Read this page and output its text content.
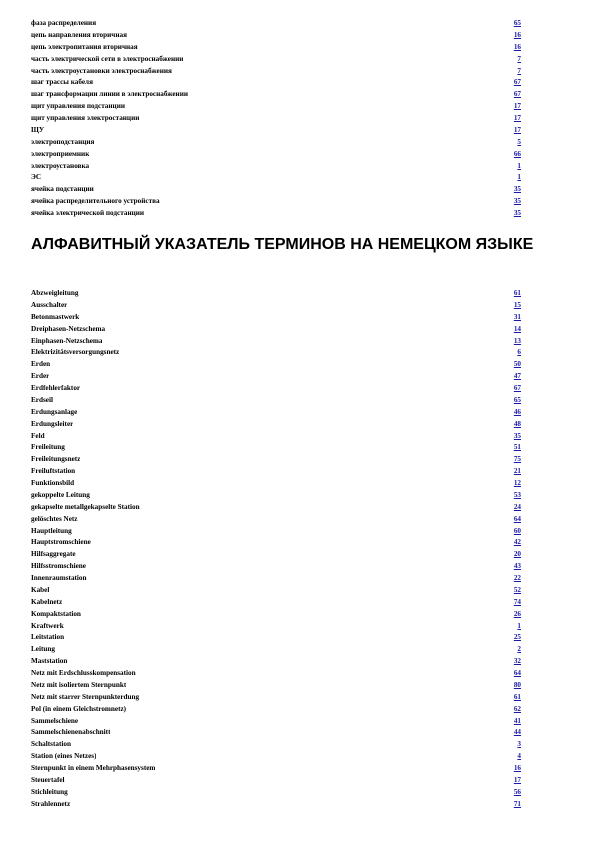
фаза распределения	65
цепь направления вторичная	16
цепь электропитания вторичная	16
часть электрической сети в электроснабжении	7
часть электроустановки электроснабжения	7
шаг трассы кабеля	67
шаг трансформации линии в электроснабжении	67
щит управления подстанции	17
щит управления электростанции	17
ЩУ	17
электроподстанция	5
электроприемник	66
электроустановка	1
ЭС	1
ячейка подстанции	35
ячейка распределительного устройства	35
ячейка электрической подстанции	35
АЛФАВИТНЫЙ УКАЗАТЕЛЬ ТЕРМИНОВ НА НЕМЕЦКОМ ЯЗЫКЕ
Abzweigleitung	61
Ausschalter	15
Betonmastwerk	31
Dreiphasen-Netzschema	14
Einphasen-Netzschema	13
Elektrizitätsversorgungsnetz	6
Erden	50
Erder	47
Erdfehlerfaktor	67
Erdseil	65
Erdungsanlage	46
Erdungsleiter	48
Feld	35
Freileitung	51
Freileitungsnetz	75
Freiluftstation	21
Funktionsbild	12
gekoppelte Leitung	53
gekapselte metallgekapselte Station	24
gelöschtes Netz	64
Hauptleitung	60
Hauptstromschiene	42
Hilfsaggregate	20
Hilfsstromschiene	43
Innenraumstation	22
Kabel	52
Kabelnetz	74
Kompaktstation	26
Kraftwerk	1
Leitstation	25
Leitung	2
Maststation	32
Netz mit Erdschlusskompensation	64
Netz mit isoliertem Sternpunkt	80
Netz mit starrer Sternpunkterdung	61
Pol (in einem Gleichstromnetz)	62
Sammelschiene	41
Sammelschienenabschnitt	44
Schaltstation	3
Station (eines Netzes)	4
Sternpunkt in einem Mehrphasensystem	16
Steuertafel	17
Stichleitung	56
Strahlennetz	71
